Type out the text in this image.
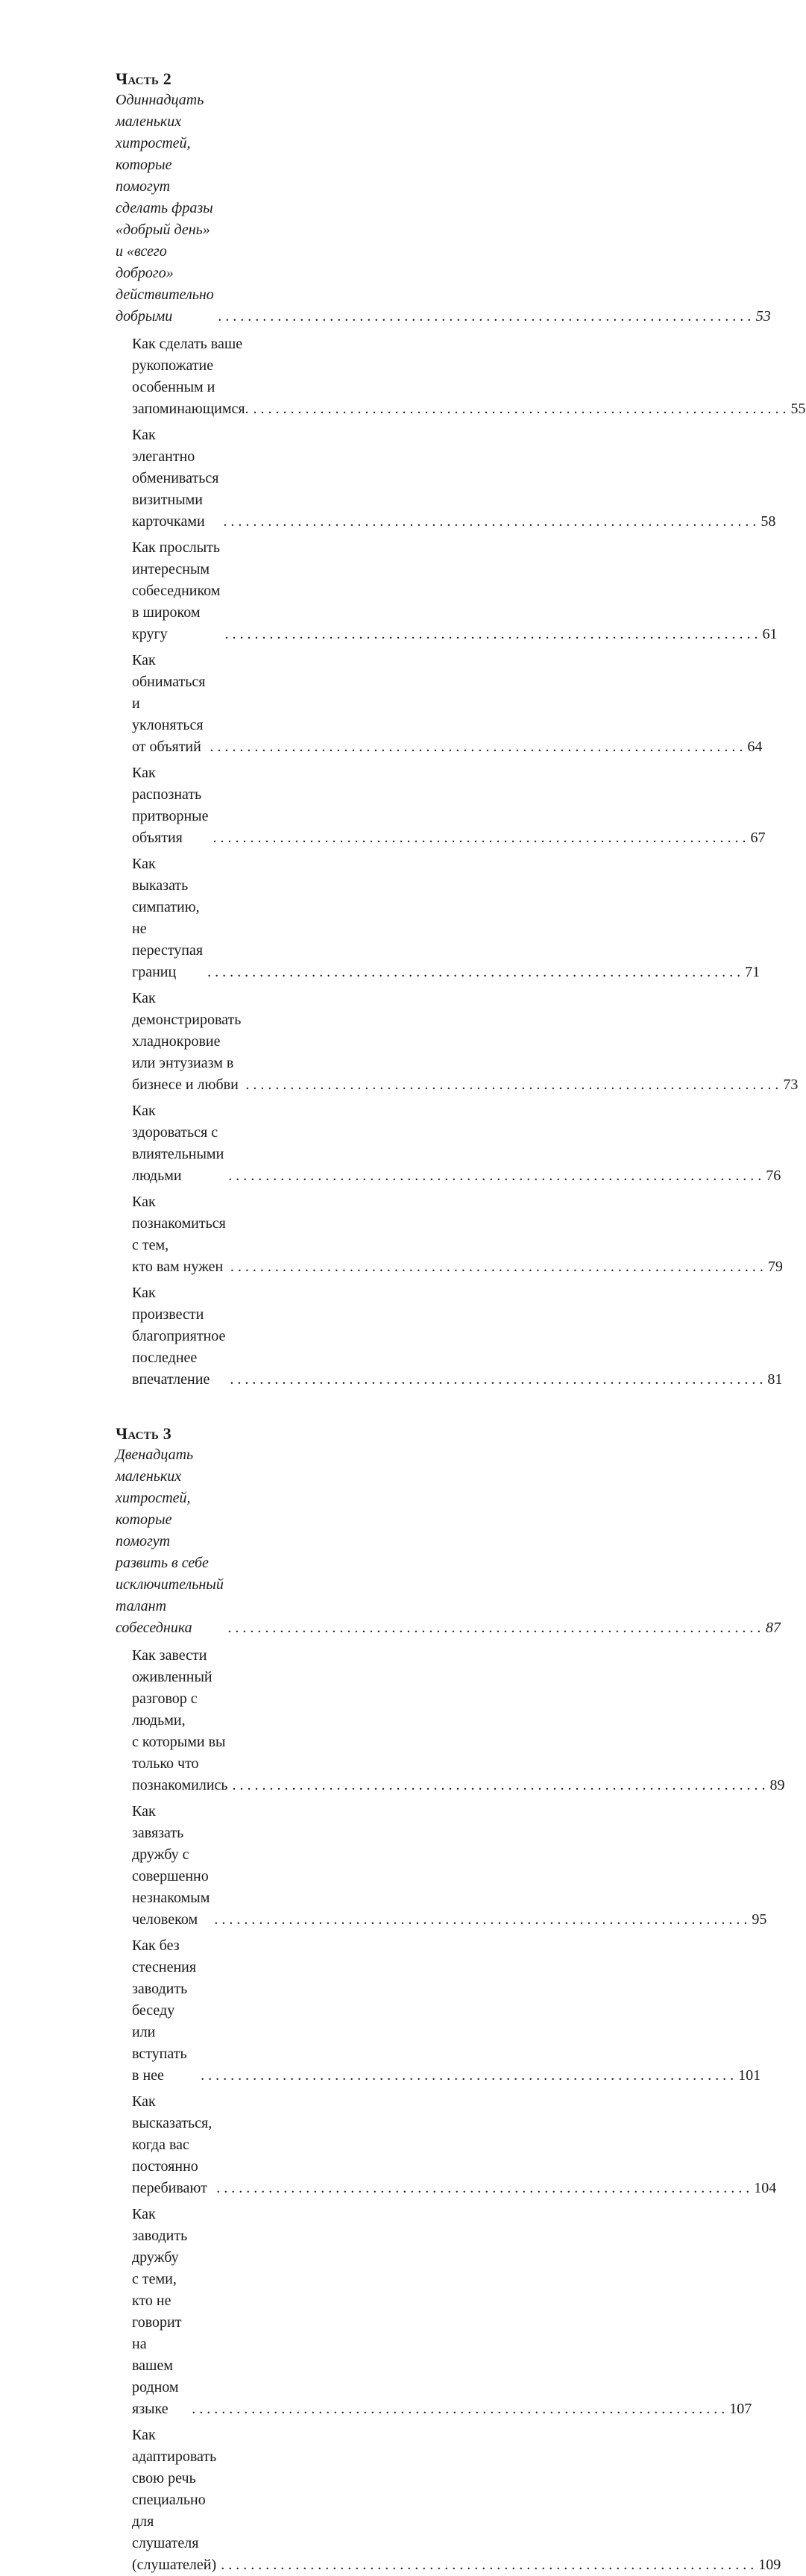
Часть 2
Одиннадцать маленьких хитростей,
которые помогут сделать фразы «добрый день»
и «всего доброго» действительно добрыми . . .	53
Как сделать ваше рукопожатие
особенным и запоминающимся. . . .	55
Как элегантно обмениваться визитными карточками . . .	58
Как прослыть интересным
собеседником в широком кругу . . .	61
Как обниматься и уклоняться от объятий . . .	64
Как распознать притворные объятия . . .	67
Как выказать симпатию, не переступая границ . . .	71
Как демонстрировать хладнокровие
или энтузиазм в бизнесе и любви . . .	73
Как здороваться с влиятельными людьми . . .	76
Как познакомиться с тем,
кто вам нужен . . .	79
Как произвести благоприятное
последнее впечатление . . .	81
Часть 3
Двенадцать маленьких хитростей, которые помогут
развить в себе исключительный талант собеседника . . .	87
Как завести оживленный разговор с людьми,
с которыми вы только что познакомились . . .	89
Как завязать дружбу с совершенно
незнакомым человеком . . .	95
Как без стеснения заводить
беседу или вступать в нее . . .	101
Как высказаться, когда вас постоянно перебивают . . .	104
Как заводить дружбу с теми,
кто не говорит на вашем родном языке . . .	107
Как адаптировать свою речь специально
для слушателя (слушателей) . . .	109
